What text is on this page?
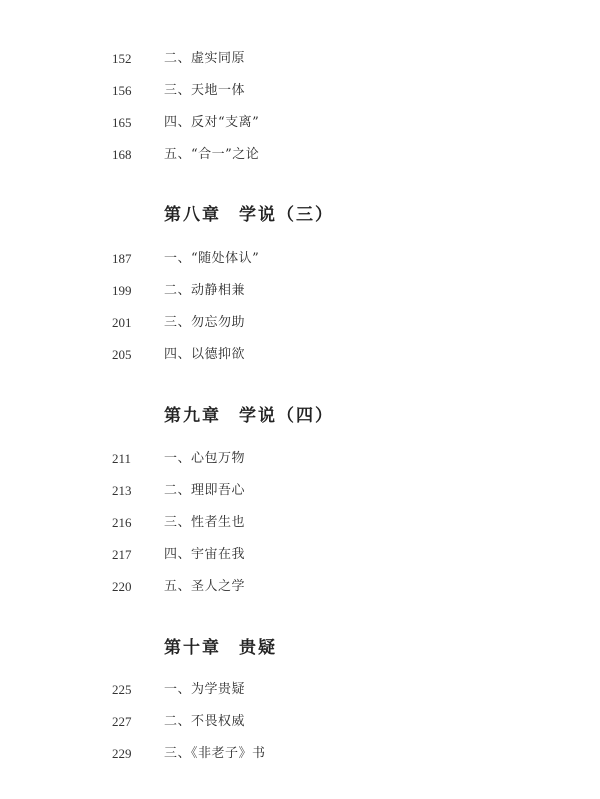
152	二、虚实同原
156	三、天地一体
165	四、反对“支离”
168	五、“合一”之论
第八章 学说（三）
187	一、“随处体认”
199	二、动静相兼
201	三、勿忘勿助
205	四、以德抑欲
第九章 学说（四）
211	一、心包万物
213	二、理即吾心
216	三、性者生也
217	四、宇宙在我
220	五、圣人之学
第十章 贵疑
225	一、为学贵疑
227	二、不畏权威
229	三、《非老子》书
